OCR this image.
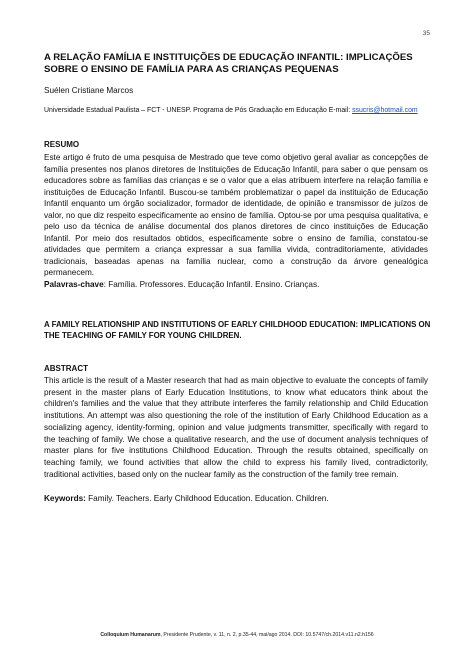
35
A RELAÇÃO FAMÍLIA E INSTITUIÇÕES DE EDUCAÇÃO INFANTIL: IMPLICAÇÕES SOBRE O ENSINO DE FAMÍLIA PARA AS CRIANÇAS PEQUENAS

Suélen Cristiane Marcos

Universidade Estadual Paulista – FCT - UNESP. Programa de Pós Graduação em Educação E-mail: ssucris@hotmail.com

RESUMO

Este artigo é fruto de uma pesquisa de Mestrado que teve como objetivo geral avaliar as concepções de família presentes nos planos diretores de Instituições de Educação Infantil, para saber o que pensam os educadores sobre as famílias das crianças e se o valor que a elas atribuem interfere na relação família e instituições de Educação Infantil. Buscou-se também problematizar o papel da instituição de Educação Infantil enquanto um órgão socializador, formador de identidade, de opinião e transmissor de juízos de valor, no que diz respeito especificamente ao ensino de família. Optou-se por uma pesquisa qualitativa, e pelo uso da técnica de análise documental dos planos diretores de cinco instituições de Educação Infantil. Por meio dos resultados obtidos, especificamente sobre o ensino de família, constatou-se atividades que permitem a criança expressar a sua família vivida, contraditoriamente, atividades tradicionais, baseadas apenas na família nuclear, como a construção da árvore genealógica permanecem.

Palavras-chave: Família. Professores. Educação Infantil. Ensino. Crianças.

A FAMILY RELATIONSHIP AND INSTITUTIONS OF EARLY CHILDHOOD EDUCATION: IMPLICATIONS ON THE TEACHING OF FAMILY FOR YOUNG CHILDREN.
ABSTRACT

This article is the result of a Master research that had as main objective to evaluate the concepts of family present in the master plans of Early Education Institutions, to know what educators think about the children's families and the value that they attribute interferes the family relationship and Child Education institutions. An attempt was also questioning the role of the institution of Early Childhood Education as a socializing agency, identity-forming, opinion and value judgments transmitter, specifically with regard to the teaching of family. We chose a qualitative research, and the use of document analysis techniques of master plans for five institutions Childhood Education. Through the results obtained, specifically on teaching family, we found activities that allow the child to express his family lived, contradictorily, traditional activities, based only on the nuclear family as the construction of the family tree remain.

Keywords: Family. Teachers. Early Childhood Education. Education. Children.

Colloquium Humanarum, Presidente Prudente, v. 11, n. 2, p.35-44, mai/ago 2014. DOI: 10.5747/ch.2014.v11.n2.h156
